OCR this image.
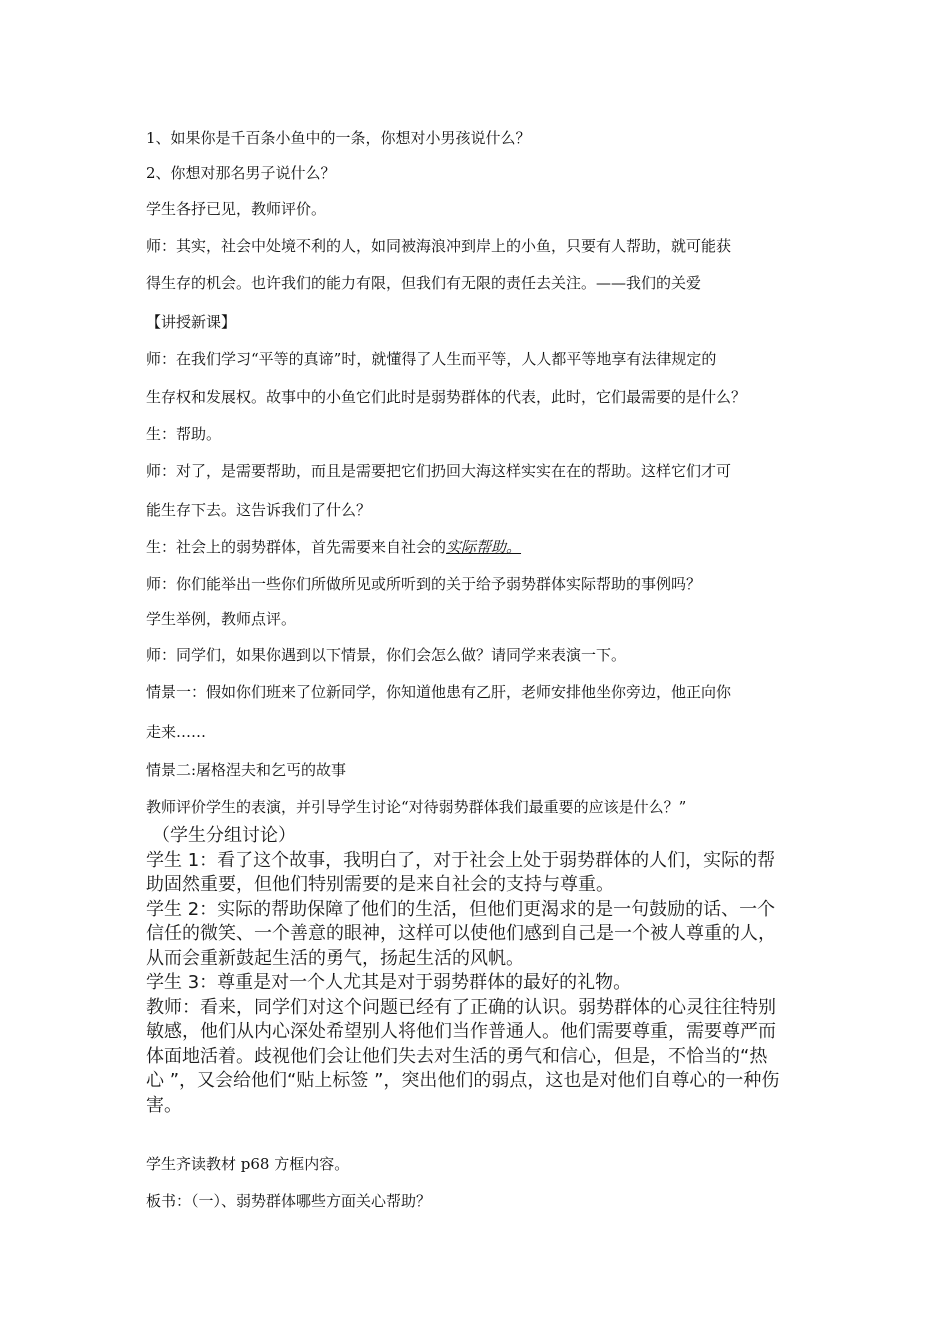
1、如果你是千百条小鱼中的一条，你想对小男孩说什么？
2、你想对那名男子说什么？
学生各抒已见，教师评价。
师：其实，社会中处境不利的人，如同被海浪冲到岸上的小鱼，只要有人帮助，就可能获
得生存的机会。也许我们的能力有限，但我们有无限的责任去关注。——我们的关爱
【讲授新课】
师：在我们学习“平等的真谛”时，就懂得了人生而平等，人人都平等地享有法律规定的
生存权和发展权。故事中的小鱼它们此时是弱势群体的代表，此时，它们最需要的是什么？
生：帮助。
师：对了，是需要帮助，而且是需要把它们扔回大海这样实实在在的帮助。这样它们才可
能生存下去。这告诉我们了什么？
生：社会上的弱势群体，首先需要来自社会的实际帮助。
师：你们能举出一些你们所做所见或所听到的关于给予弱势群体实际帮助的事例吗？
学生举例，教师点评。
师：同学们，如果你遇到以下情景，你们会怎么做？请同学来表演一下。
情景一：假如你们班来了位新同学，你知道他患有乙肝，老师安排他坐你旁边，他正向你
走来……
情景二:屠格涅夫和乞丐的故事
教师评价学生的表演，并引导学生讨论“对待弱势群体我们最重要的应该是什么？”

（学生分组讨论）

学生 1：看了这个故事，我明白了，对于社会上处于弱势群体的人们，实际的帮

助固然重要，但他们特别需要的是来自社会的支持与尊重。

学生 2：实际的帮助保障了他们的生活，但他们更渴求的是一句鼓励的话、一个

信任的微笑、一个善意的眼神，这样可以使他们感到自己是一个被人尊重的人，

从而会重新鼓起生活的勇气，扬起生活的风帆。

学生 3：尊重是对一个人尤其是对于弱势群体的最好的礼物。

教师：看来，同学们对这个问题已经有了正确的认识。弱势群体的心灵往往特别

敏感，他们从内心深处希望别人将他们当作普通人。他们需要尊重，需要尊严而

体面地活着。歧视他们会让他们失去对生活的勇气和信心，但是，不恰当的“热

心 ”，又会给他们“贴上标签 ”，突出他们的弱点，这也是对他们自尊心的一种伤

害。

学生齐读教材 p68 方框内容。
板书：（一）、弱势群体哪些方面关心帮助？
